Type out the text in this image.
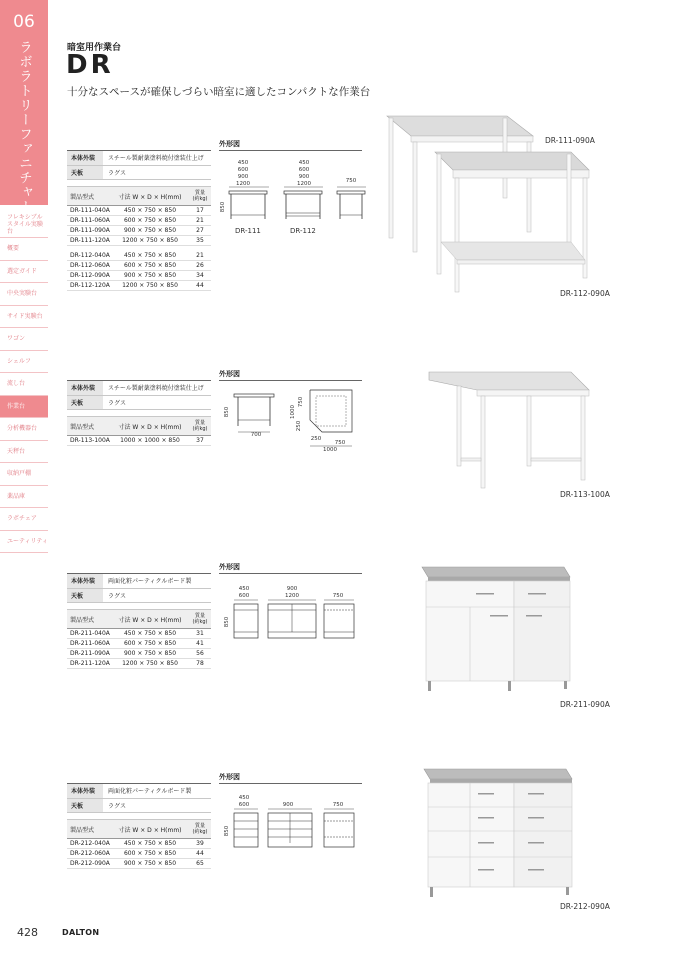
06
ラボラトリーファニチャー
フレキシブル
スタイル実験台
概要
選定ガイド
中央実験台
サイド実験台
ワゴン
シェルフ
流し台
作業台
分析機器台
天秤台
収納戸棚
薬品庫
ラボチェア
ユーティリティ
暗室用作業台
DR
十分なスペースが確保しづらい暗室に適したコンパクトな作業台
本体外装	スチール製耐薬塗料焼付塗装仕上げ
天板	ラグス
製品型式	寸法 W × D × H(mm)
質量
(約kg)
DR-111-040A	450 × 750 × 850	17
DR-111-060A	600 × 750 × 850	21
DR-111-090A	900 × 750 × 850	27
DR-111-120A	1200 × 750 × 850	35
DR-112-040A	450 × 750 × 850	21
DR-112-060A	600 × 750 × 850	26
DR-112-090A	900 × 750 × 850	34
DR-112-120A	1200 × 750 × 850	44
外形図
450
600
900
1200
850
450
600
900
1200	750
DR-111	DR-112
DR-111-090A
DR-112-090A
本体外装	スチール製耐薬塗料焼付塗装仕上げ
天板	ラグス
製品型式	寸法 W × D × H(mm)
質量
(約kg)
DR-113-100A	1000 × 1000 × 850	37
外形図
850
700
1000
750
250
250
750
1000
DR-113-100A
本体外装	両面化粧パーティクルボード製
天板	ラグス
製品型式	寸法 W × D × H(mm)
質量
(約kg)
DR-211-040A	450 × 750 × 850	31
DR-211-060A	600 × 750 × 850	41
DR-211-090A	900 × 750 × 850	56
DR-211-120A	1200 × 750 × 850	78
外形図
450
600
850
900
1200	750
DR-211-090A
本体外装	両面化粧パーティクルボード製
天板	ラグス
製品型式	寸法 W × D × H(mm)
質量
(約kg)
DR-212-040A	450 × 750 × 850	39
DR-212-060A	600 × 750 × 850	44
DR-212-090A	900 × 750 × 850	65
外形図
450
600
850
900	750
DR-212-090A
428	DALTON
